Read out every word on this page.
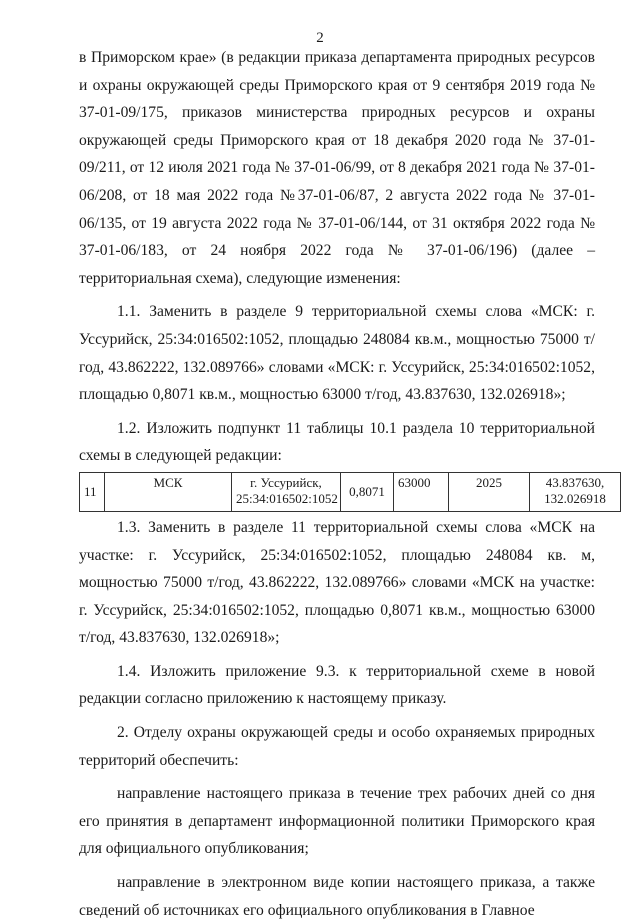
2

в Приморском крае» (в редакции приказа департамента природных ресурсов и охраны окружающей среды Приморского края от 9 сентября 2019 года № 37-01-09/175, приказов министерства природных ресурсов и охраны окружающей среды Приморского края от 18 декабря 2020 года № 37-01-09/211, от 12 июля 2021 года № 37-01-06/99, от 8 декабря 2021 года № 37-01-06/208, от 18 мая 2022 года №37-01-06/87, 2 августа 2022 года № 37-01-06/135, от 19 августа 2022 года № 37-01-06/144, от 31 октября 2022 года № 37-01-06/183, от 24 ноября 2022 года № 37-01-06/196) (далее – территориальная схема), следующие изменения:

1.1. Заменить в разделе 9 территориальной схемы слова «МСК: г. Уссурийск, 25:34:016502:1052, площадью 248084 кв.м., мощностью 75000 т/год, 43.862222, 132.089766» словами «МСК: г. Уссурийск, 25:34:016502:1052, площадью 0,8071 кв.м., мощностью 63000 т/год, 43.837630, 132.026918»;

1.2. Изложить подпункт 11 таблицы 10.1 раздела 10 территориальной схемы в следующей редакции:

11	МСК	г. Уссурийск, 25:34:016502:1052	0,8071	63000	2025	43.837630, 132.026918

1.3. Заменить в разделе 11 территориальной схемы слова «МСК на участке: г. Уссурийск, 25:34:016502:1052, площадью 248084 кв. м, мощностью 75000 т/год, 43.862222, 132.089766» словами «МСК на участке: г. Уссурийск, 25:34:016502:1052, площадью 0,8071 кв.м., мощностью 63000 т/год, 43.837630, 132.026918»;

1.4. Изложить приложение 9.3. к территориальной схеме в новой редакции согласно приложению к настоящему приказу.

2. Отделу охраны окружающей среды и особо охраняемых природных территорий обеспечить:

направление настоящего приказа в течение трех рабочих дней со дня его принятия в департамент информационной политики Приморского края для официального опубликования;

направление в электронном виде копии настоящего приказа, а также сведений об источниках его официального опубликования в Главное
